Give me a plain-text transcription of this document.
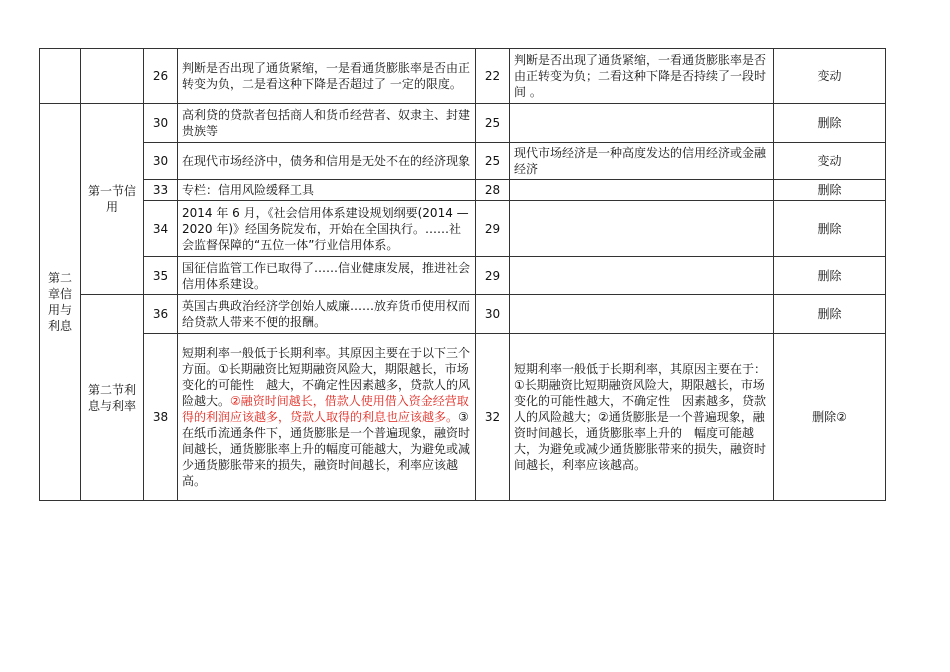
		26	判断是否出现了通货紧缩，一是看通货膨胀率是否由正转变为负，二是看这种下降是否超过了 一定的限度。	22	判断是否出现了通货紧缩，一看通货膨胀率是否由正转变为负；二看这种下降是否持续了一段时间 。	变动
第二章信用与利息	第一节信用	30	高利贷的贷款者包括商人和货币经营者、奴隶主、封建贵族等	25		删除
		30	在现代市场经济中，债务和信用是无处不在的经济现象	25	现代市场经济是一种高度发达的信用经济或金融经济	变动
		33	专栏：信用风险缓释工具	28		删除
		34	2014 年 6 月，《社会信用体系建设规划纲要(2014 — 2020 年)》经国务院发布，开始在全国执行。……社会监督保障的“五位一体”行业信用体系。	29		删除
		35	国征信监管工作已取得了……信业健康发展，推进社会信用体系建设。	29		删除
	第二节利息与利率	36	英国古典政治经济学创始人威廉……放弃货币使用权而给贷款人带来不便的报酬。	30		删除
		38	短期利率一般低于长期利率。其原因主要在于以下三个方面。①长期融资比短期融资风险大，期限越长，市场变化的可能性　越大，不确定性因素越多，贷款人的风险越大。②融资时间越长，借款人使用借入资金经营取　得的利润应该越多，贷款人取得的利息也应该越多。③在纸币流通条件下，通货膨胀是一个普遍现象，融资时间越长，通货膨胀率上升的幅度可能越大，为避免或减少通货膨胀带来的损失，融资时间越长，利率应该越高。	32	短期利率一般低于长期利率，其原因主要在于：①长期融资比短期融资风险大，期限越长，市场变化的可能性越大，不确定性　因素越多，贷款人的风险越大；②通货膨胀是一个普遍现象，融资时间越长，通货膨胀率上升的　幅度可能越大，为避免或减少通货膨胀带来的损失，融资时间越长，利率应该越高。	删除②
